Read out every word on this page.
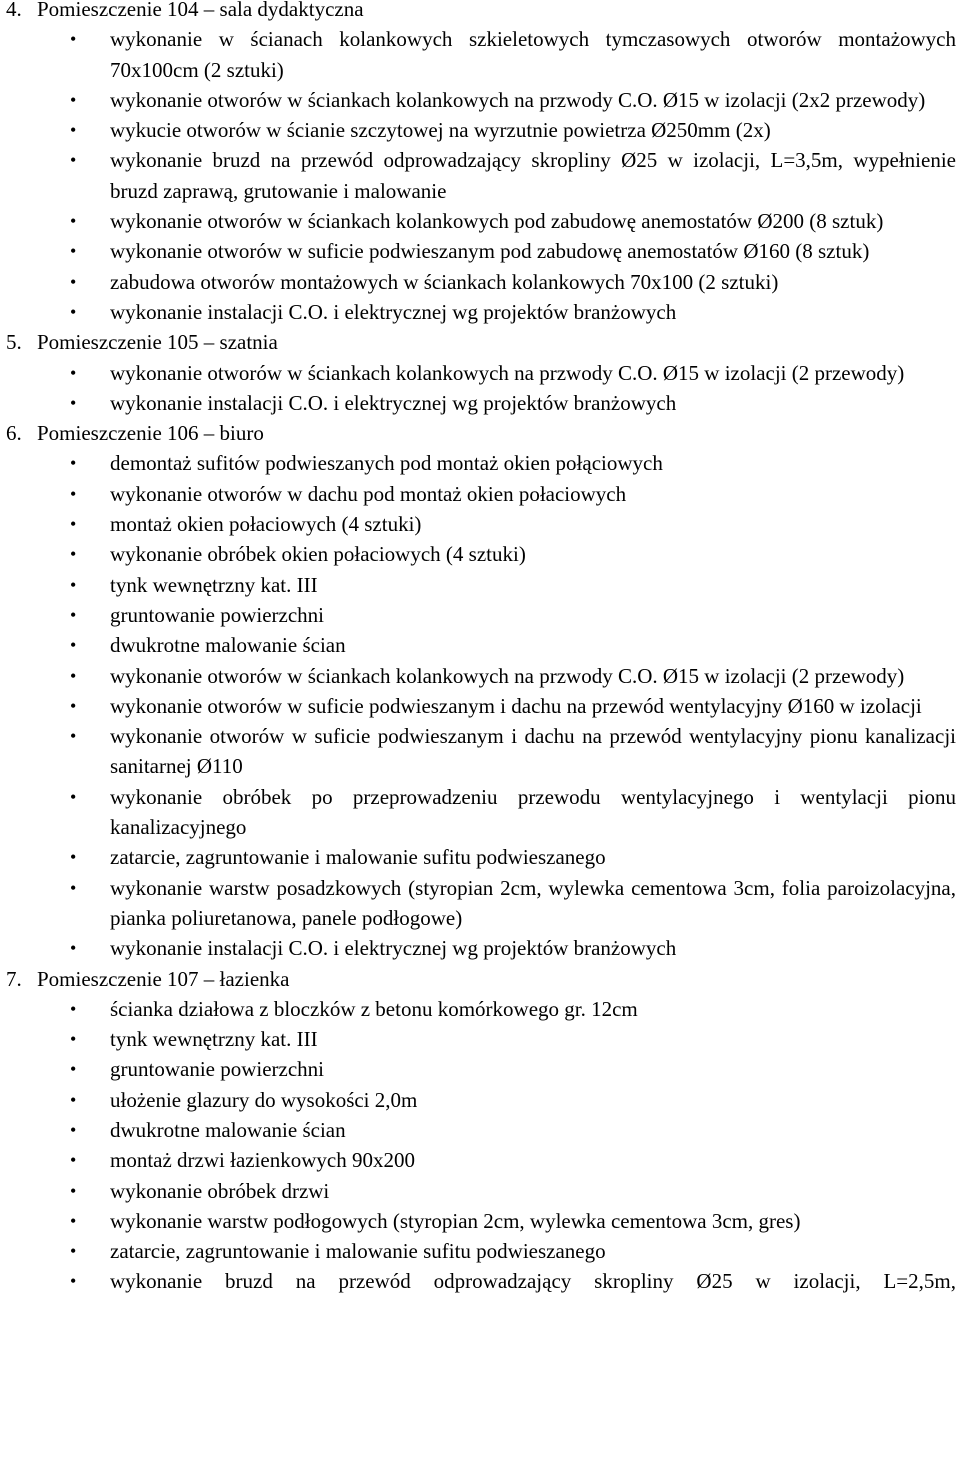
4. Pomieszczenie 104 – sala dydaktyczna
• wykonanie w ścianach kolankowych szkieletowych tymczasowych otworów montażowych 70x100cm (2 sztuki)
• wykonanie otworów w ściankach kolankowych na przwody C.O. Ø15 w izolacji (2x2 przewody)
• wykucie otworów w ścianie szczytowej na wyrzutnie powietrza Ø250mm (2x)
• wykonanie bruzd na przewód odprowadzający skropliny Ø25 w izolacji, L=3,5m, wypełnienie bruzd zaprawą, grutowanie i malowanie
• wykonanie otworów w ściankach kolankowych pod zabudowę anemostatów Ø200 (8 sztuk)
• wykonanie otworów w suficie podwieszanym pod zabudowę anemostatów Ø160 (8 sztuk)
• zabudowa otworów montażowych w ściankach kolankowych 70x100 (2 sztuki)
• wykonanie instalacji C.O. i elektrycznej wg projektów branżowych
5. Pomieszczenie 105 – szatnia
• wykonanie otworów w ściankach kolankowych na przwody C.O. Ø15 w izolacji (2 przewody)
• wykonanie instalacji C.O. i elektrycznej wg projektów branżowych
6. Pomieszczenie 106 – biuro
• demontaż sufitów podwieszanych pod montaż okien połąciowych
• wykonanie otworów w dachu pod montaż okien połaciowych
• montaż okien połaciowych (4 sztuki)
• wykonanie obróbek okien połaciowych (4 sztuki)
• tynk wewnętrzny kat. III
• gruntowanie powierzchni
• dwukrotne malowanie ścian
• wykonanie otworów w ściankach kolankowych na przwody C.O. Ø15 w izolacji (2 przewody)
• wykonanie otworów w suficie podwieszanym i dachu na przewód wentylacyjny Ø160 w izolacji
• wykonanie otworów w suficie podwieszanym i dachu na przewód wentylacyjny pionu kanalizacji sanitarnej Ø110
• wykonanie obróbek po przeprowadzeniu przewodu wentylacyjnego i wentylacji pionu kanalizacyjnego
• zatarcie, zagruntowanie i malowanie sufitu podwieszanego
• wykonanie warstw posadzkowych (styropian 2cm, wylewka cementowa 3cm, folia paroizolacyjna, pianka poliuretanowa, panele podłogowe)
• wykonanie instalacji C.O. i elektrycznej wg projektów branżowych
7. Pomieszczenie 107 – łazienka
• ścianka działowa z bloczków z betonu komórkowego gr. 12cm
• tynk wewnętrzny kat. III
• gruntowanie powierzchni
• ułożenie glazury do wysokości 2,0m
• dwukrotne malowanie ścian
• montaż drzwi łazienkowych 90x200
• wykonanie obróbek drzwi
• wykonanie warstw podłogowych (styropian 2cm, wylewka cementowa 3cm, gres)
• zatarcie, zagruntowanie i malowanie sufitu podwieszanego
• wykonanie bruzd na przewód odprowadzający skropliny Ø25 w izolacji, L=2,5m,
